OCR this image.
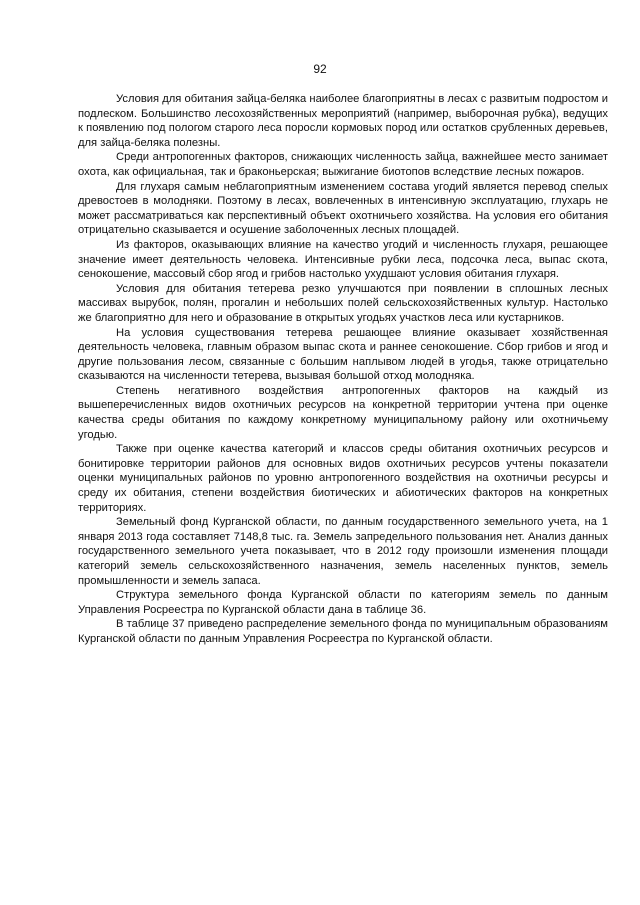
92

Условия для обитания зайца-беляка наиболее благоприятны в лесах с развитым подростом и подлеском. Большинство лесохозяйственных мероприятий (например, выборочная рубка), ведущих к появлению под пологом старого леса поросли кормовых пород или остатков срубленных деревьев, для зайца-беляка полезны.

Среди антропогенных факторов, снижающих численность зайца, важнейшее место занимает охота, как официальная, так и браконьерская; выжигание биотопов вследствие лесных пожаров.

Для глухаря самым неблагоприятным изменением состава угодий является перевод спелых древостоев в молодняки. Поэтому в лесах, вовлеченных в интенсивную эксплуатацию, глухарь не может рассматриваться как перспективный объект охотничьего хозяйства. На условия его обитания отрицательно сказывается и осушение заболоченных лесных площадей.

Из факторов, оказывающих влияние на качество угодий и численность глухаря, решающее значение имеет деятельность человека. Интенсивные рубки леса, подсочка леса, выпас скота, сенокошение, массовый сбор ягод и грибов настолько ухудшают условия обитания глухаря.

Условия для обитания тетерева резко улучшаются при появлении в сплошных лесных массивах вырубок, полян, прогалин и небольших полей сельскохозяйственных культур. Настолько же благоприятно для него и образование в открытых угодьях участков леса или кустарников.

На условия существования тетерева решающее влияние оказывает хозяйственная деятельность человека, главным образом выпас скота и раннее сенокошение. Сбор грибов и ягод и другие пользования лесом, связанные с большим наплывом людей в угодья, также отрицательно сказываются на численности тетерева, вызывая большой отход молодняка.

Степень негативного воздействия антропогенных факторов на каждый из вышеперечисленных видов охотничьих ресурсов на конкретной территории учтена при оценке качества среды обитания по каждому конкретному муниципальному району или охотничьему угодью.

Также при оценке качества категорий и классов среды обитания охотничьих ресурсов и бонитировке территории районов для основных видов охотничьих ресурсов учтены показатели оценки муниципальных районов по уровню антропогенного воздействия на охотничьи ресурсы и среду их обитания, степени воздействия биотических и абиотических факторов на конкретных территориях.

Земельный фонд Курганской области, по данным государственного земельного учета, на 1 января 2013 года составляет 7148,8 тыс. га. Земель запрeдельного пользования нет. Анализ данных государственного земельного учета показывает, что в 2012 году произошли изменения площади категорий земель сельскохозяйственного назначения, земель населенных пунктов, земель промышленности и земель запаса.

Структура земельного фонда Курганской области по категориям земель по данным Управления Росреестра по Курганской области дана в таблице 36.

В таблице 37 приведено распределение земельного фонда по муниципальным образованиям Курганской области по данным Управления Росреестра по Курганской области.
